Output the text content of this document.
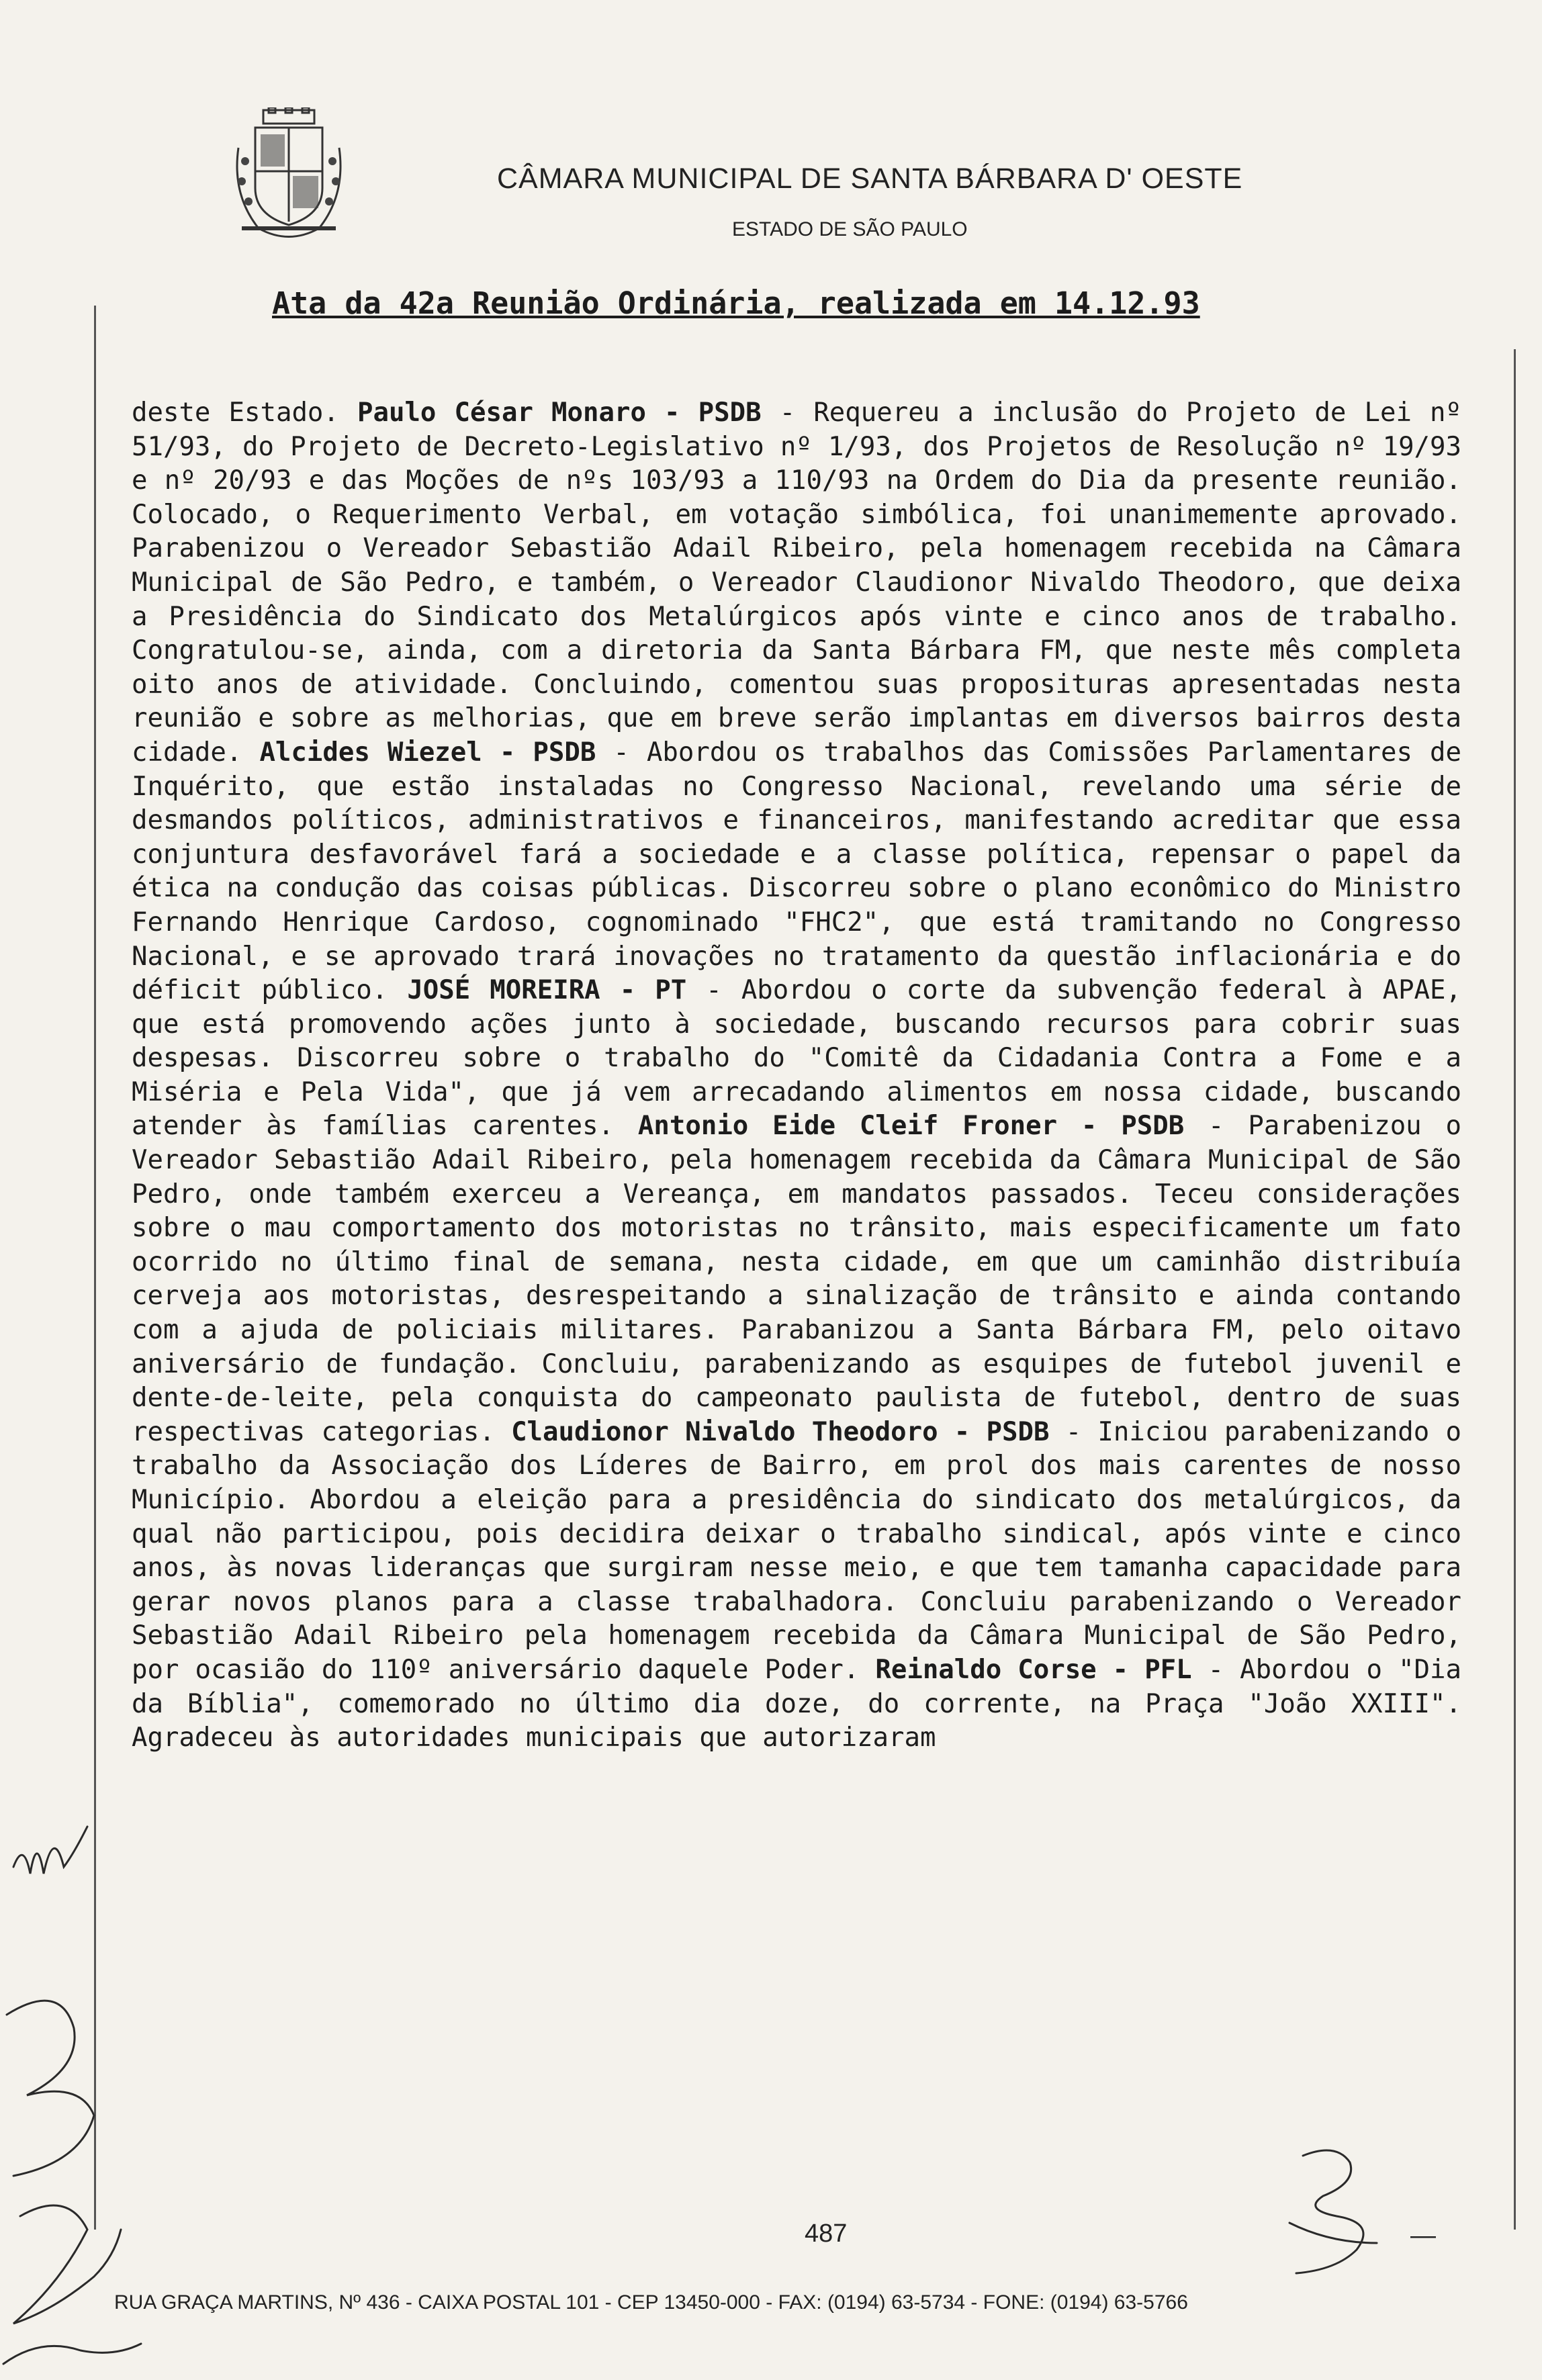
CÂMARA MUNICIPAL DE SANTA BÁRBARA D' OESTE
ESTADO DE SÃO PAULO
Ata da 42a Reunião Ordinária, realizada em 14.12.93
deste Estado. Paulo César Monaro - PSDB - Requereu a inclusão do Projeto de Lei nº 51/93, do Projeto de Decreto-Legislativo nº 1/93, dos Projetos de Resolução nº 19/93 e nº 20/93 e das Moções de nºs 103/93 a 110/93 na Ordem do Dia da presente reunião. Colocado, o Requerimento Verbal, em votação simbólica, foi unanimemente aprovado. Parabenizou o Vereador Sebastião Adail Ribeiro, pela homenagem recebida na Câmara Municipal de São Pedro, e também, o Vereador Claudionor Nivaldo Theodoro, que deixa a Presidência do Sindicato dos Metalúrgicos após vinte e cinco anos de trabalho. Congratulou-se, ainda, com a diretoria da Santa Bárbara FM, que neste mês completa oito anos de atividade. Concluindo, comentou suas proposituras apresentadas nesta reunião e sobre as melhorias, que em breve serão implantas em diversos bairros desta cidade. Alcides Wiezel - PSDB - Abordou os trabalhos das Comissões Parlamentares de Inquérito, que estão instaladas no Congresso Nacional, revelando uma série de desmandos políticos, administrativos e financeiros, manifestando acreditar que essa conjuntura desfavorável fará a sociedade e a classe política, repensar o papel da ética na condução das coisas públicas. Discorreu sobre o plano econômico do Ministro Fernando Henrique Cardoso, cognominado "FHC2", que está tramitando no Congresso Nacional, e se aprovado trará inovações no tratamento da questão inflacionária e do déficit público. JOSÉ MOREIRA - PT - Abordou o corte da subvenção federal à APAE, que está promovendo ações junto à sociedade, buscando recursos para cobrir suas despesas. Discorreu sobre o trabalho do "Comitê da Cidadania Contra a Fome e a Miséria e Pela Vida", que já vem arrecadando alimentos em nossa cidade, buscando atender às famílias carentes. Antonio Eide Cleif Froner - PSDB - Parabenizou o Vereador Sebastião Adail Ribeiro, pela homenagem recebida da Câmara Municipal de São Pedro, onde também exerceu a Vereança, em mandatos passados. Teceu considerações sobre o mau comportamento dos motoristas no trânsito, mais especificamente um fato ocorrido no último final de semana, nesta cidade, em que um caminhão distribuía cerveja aos motoristas, desrespeitando a sinalização de trânsito e ainda contando com a ajuda de policiais militares. Parabanizou a Santa Bárbara FM, pelo oitavo aniversário de fundação. Concluiu, parabenizando as esquipes de futebol juvenil e dente-de-leite, pela conquista do campeonato paulista de futebol, dentro de suas respectivas categorias. Claudionor Nivaldo Theodoro - PSDB - Iniciou parabenizando o trabalho da Associação dos Líderes de Bairro, em prol dos mais carentes de nosso Município. Abordou a eleição para a presidência do sindicato dos metalúrgicos, da qual não participou, pois decidira deixar o trabalho sindical, após vinte e cinco anos, às novas lideranças que surgiram nesse meio, e que tem tamanha capacidade para gerar novos planos para a classe trabalhadora. Concluiu parabenizando o Vereador Sebastião Adail Ribeiro pela homenagem recebida da Câmara Municipal de São Pedro, por ocasião do 110º aniversário daquele Poder. Reinaldo Corse - PFL - Abordou o "Dia da Bíblia", comemorado no último dia doze, do corrente, na Praça "João XXIII". Agradeceu às autoridades municipais que autorizaram
487	—
RUA GRAÇA MARTINS, Nº 436 - CAIXA POSTAL 101 - CEP 13450-000 - FAX: (0194) 63-5734 - FONE: (0194) 63-5766
